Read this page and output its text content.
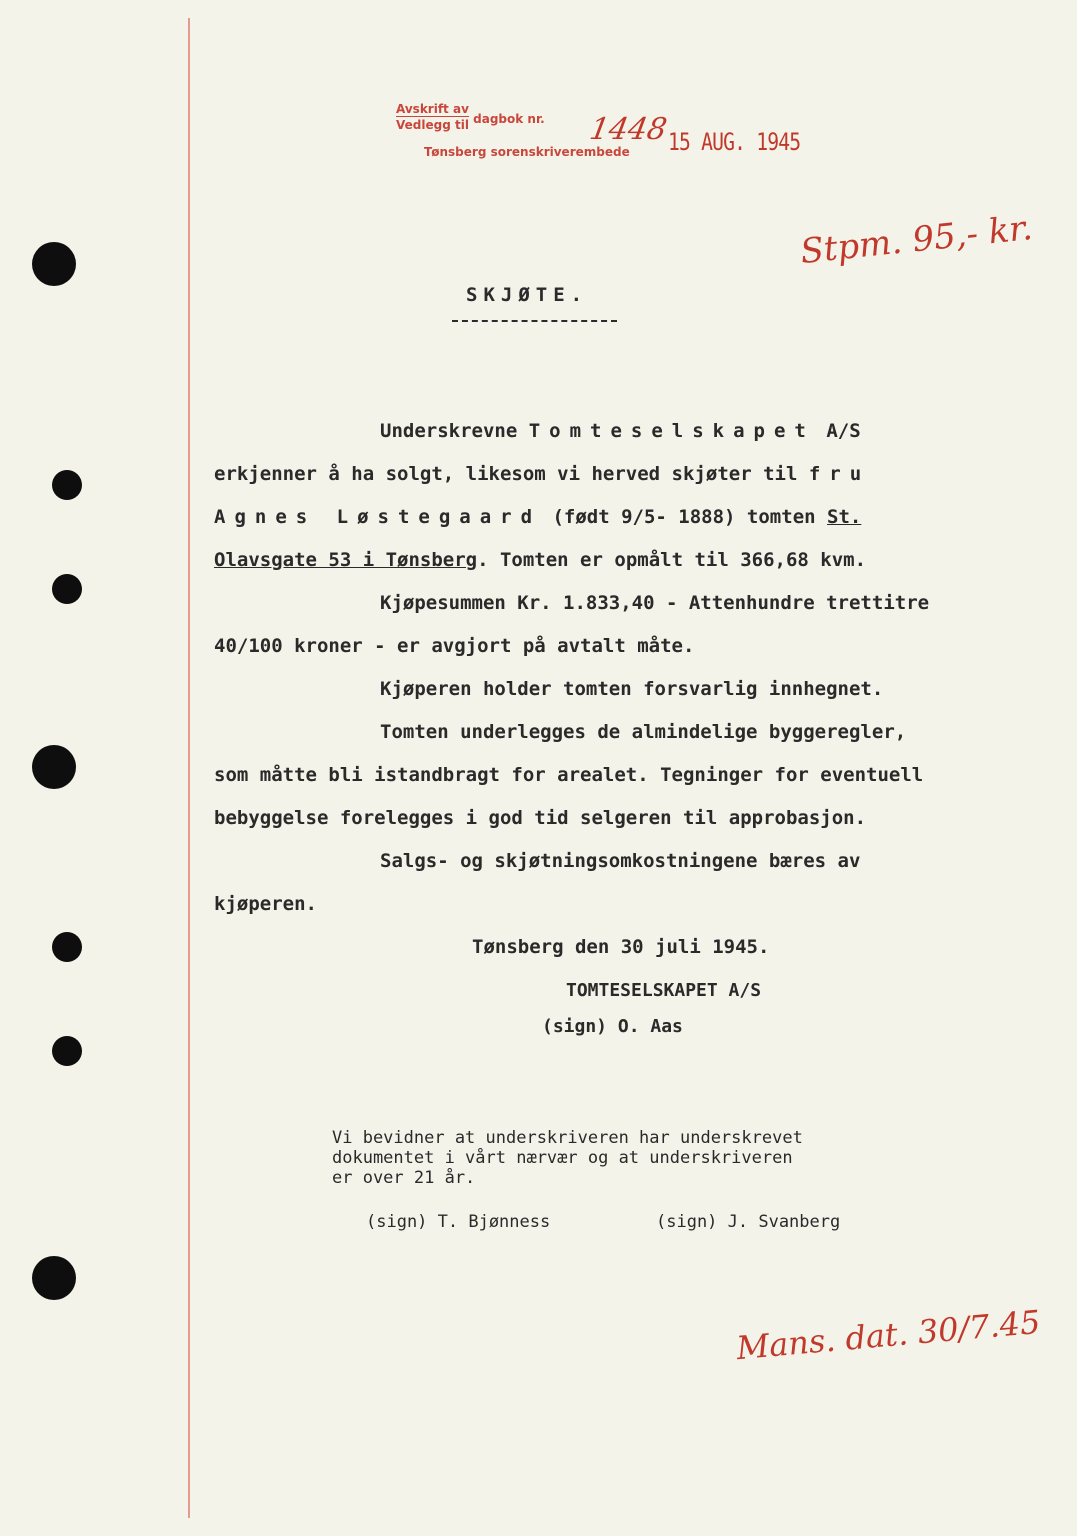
Avskrift av
Vedlegg til dagbok nr.
Tønsberg sorenskriverembede
1448
15 AUG. 1945
Stpm. 95,- kr.
SKJØTE.
Underskrevne Tomteselskapet A/S
erkjenner å ha solgt, likesom vi herved skjøter til fru
Agnes Løstegaard (født 9/5- 1888) tomten St.
Olavsgate 53 i Tønsberg. Tomten er opmålt til 366,68 kvm.
Kjøpesummen Kr. 1.833,40 - Attenhundre trettitre
40/100 kroner - er avgjort på avtalt måte.
Kjøperen holder tomten forsvarlig innhegnet.
Tomten underlegges de almindelige byggeregler,
som måtte bli istandbragt for arealet. Tegninger for eventuell
bebyggelse forelegges i god tid selgeren til approbasjon.
Salgs- og skjøtningsomkostningene bæres av
kjøperen.
Tønsberg den 30 juli 1945.
TOMTESELSKAPET A/S
(sign) O. Aas
Vi bevidner at underskriveren har underskrevet
dokumentet i vårt nærvær og at underskriveren
er over 21 år.
(sign) T. Bjønness	(sign) J. Svanberg
Mans. dat. 30/7.45
